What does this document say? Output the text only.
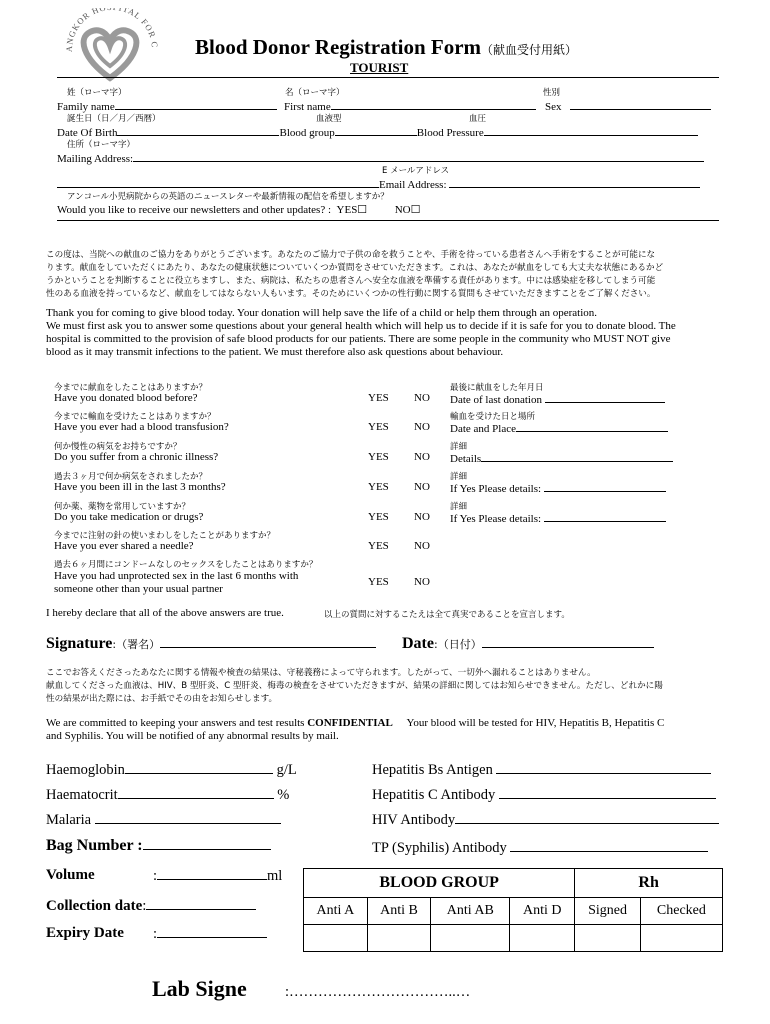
ANGKOR H TAL FOR
Blood Donor Registration Form（献血受付用紙）
TOURIST
姓（ローマ字）	名（ローマ字）	性別
Family name	First name	Sex
誕生日（日／月／西暦）	血液型	血圧
Date Of Birth	Blood group	Blood Pressure
住所（ローマ字）
Mailing Address:
E メールアドレス
Email Address:
アンコール小児病院からの英語のニュースレターや最新情報の配信を希望しますか？
Would you like to receive our newsletters and other updates? : YES☐	NO☐
この度は、当院への献血のご協力をありがとうございます。あなたのご協力で子供の命を救うことや、手術を待っている患者さんへ手術をすることが可能にな
ります。献血をしていただくにあたり、あなたの健康状態についていくつか質問をさせていただきます。これは、あなたが献血をしても大丈夫な状態にあるかど
うかということを判断することに役立ちますし、また、病院は、私たちの患者さんへ安全な血液を準備する責任があります。中には感染症を移してしまう可能
性のある血液を持っているなど、献血をしてはならない人もいます。そのためにいくつかの性行動に関する質問もさせていただきますことをご了解ください。
Thank you for coming to give blood today. Your donation will help save the life of a child or help them through an operation.
We must first ask you to answer some questions about your general health which will help us to decide if it is safe for you to donate blood. The
hospital is committed to the provision of safe blood products for our patients. There are some people in the community who MUST NOT give
blood as it may transmit infections to the patient. We must therefore also ask questions about behaviour.
今までに献血をしたことはありますか？
Have you donated blood before?	YES NO
最後に献血をした年月日
Date of last donation
今までに輸血を受けたことはありますか？
Have you ever had a blood transfusion?	YES NO
輸血を受けた日と場所
Date and Place
何か慢性の病気をお持ちですか？
Do you suffer from a chronic illness?	YES NO
詳細
Details
過去３ヶ月で何か病気をされましたか？
Have you been ill in the last 3 months?	YES NO
詳細
If Yes Please details:
何か薬、薬物を常用していますか？
Do you take medication or drugs?	YES NO
詳細
If Yes Please details:
今までに注射の針の使いまわしをしたことがありますか？
Have you ever shared a needle?	YES NO
過去６ヶ月間にコンドームなしのセックスをしたことはありますか？
Have you had unprotected sex in the last 6 months with
someone other than your usual partner
YES NO
I hereby declare that all of the above answers are true.	以上の質問に対するこたえは全て真実であることを宣言します。
Signature:（署名）	Date:（日付）
ここでお答えくださったあなたに関する情報や検査の結果は、守秘義務によって守られます。したがって、一切外へ漏れることはありません。
献血してくださった血液は、HIV、B 型肝炎、C 型肝炎、梅毒の検査をさせていただきますが、結果の詳細に関してはお知らせできません。ただし、どれかに陽
性の結果が出た際には、お手紙でその由をお知らせします。
We are committed to keeping your answers and test results CONFIDENTIAL Your blood will be tested for HIV, Hepatitis B, Hepatitis C
and Syphilis. You will be notified of any abnormal results by mail.
Haemoglobin	g/L
Haematocrit	%
Malaria
Bag Number :
Volume	:	ml
Collection date:
Expiry Date :
Hepatitis Bs Antigen
Hepatitis C Antibody
HIV Antibody
TP (Syphilis) Antibody
BLOOD GROUP				Rh	
Anti A	Anti B	Anti AB	Anti D	Signed	Checked

Lab Signe	:……………………………..…
